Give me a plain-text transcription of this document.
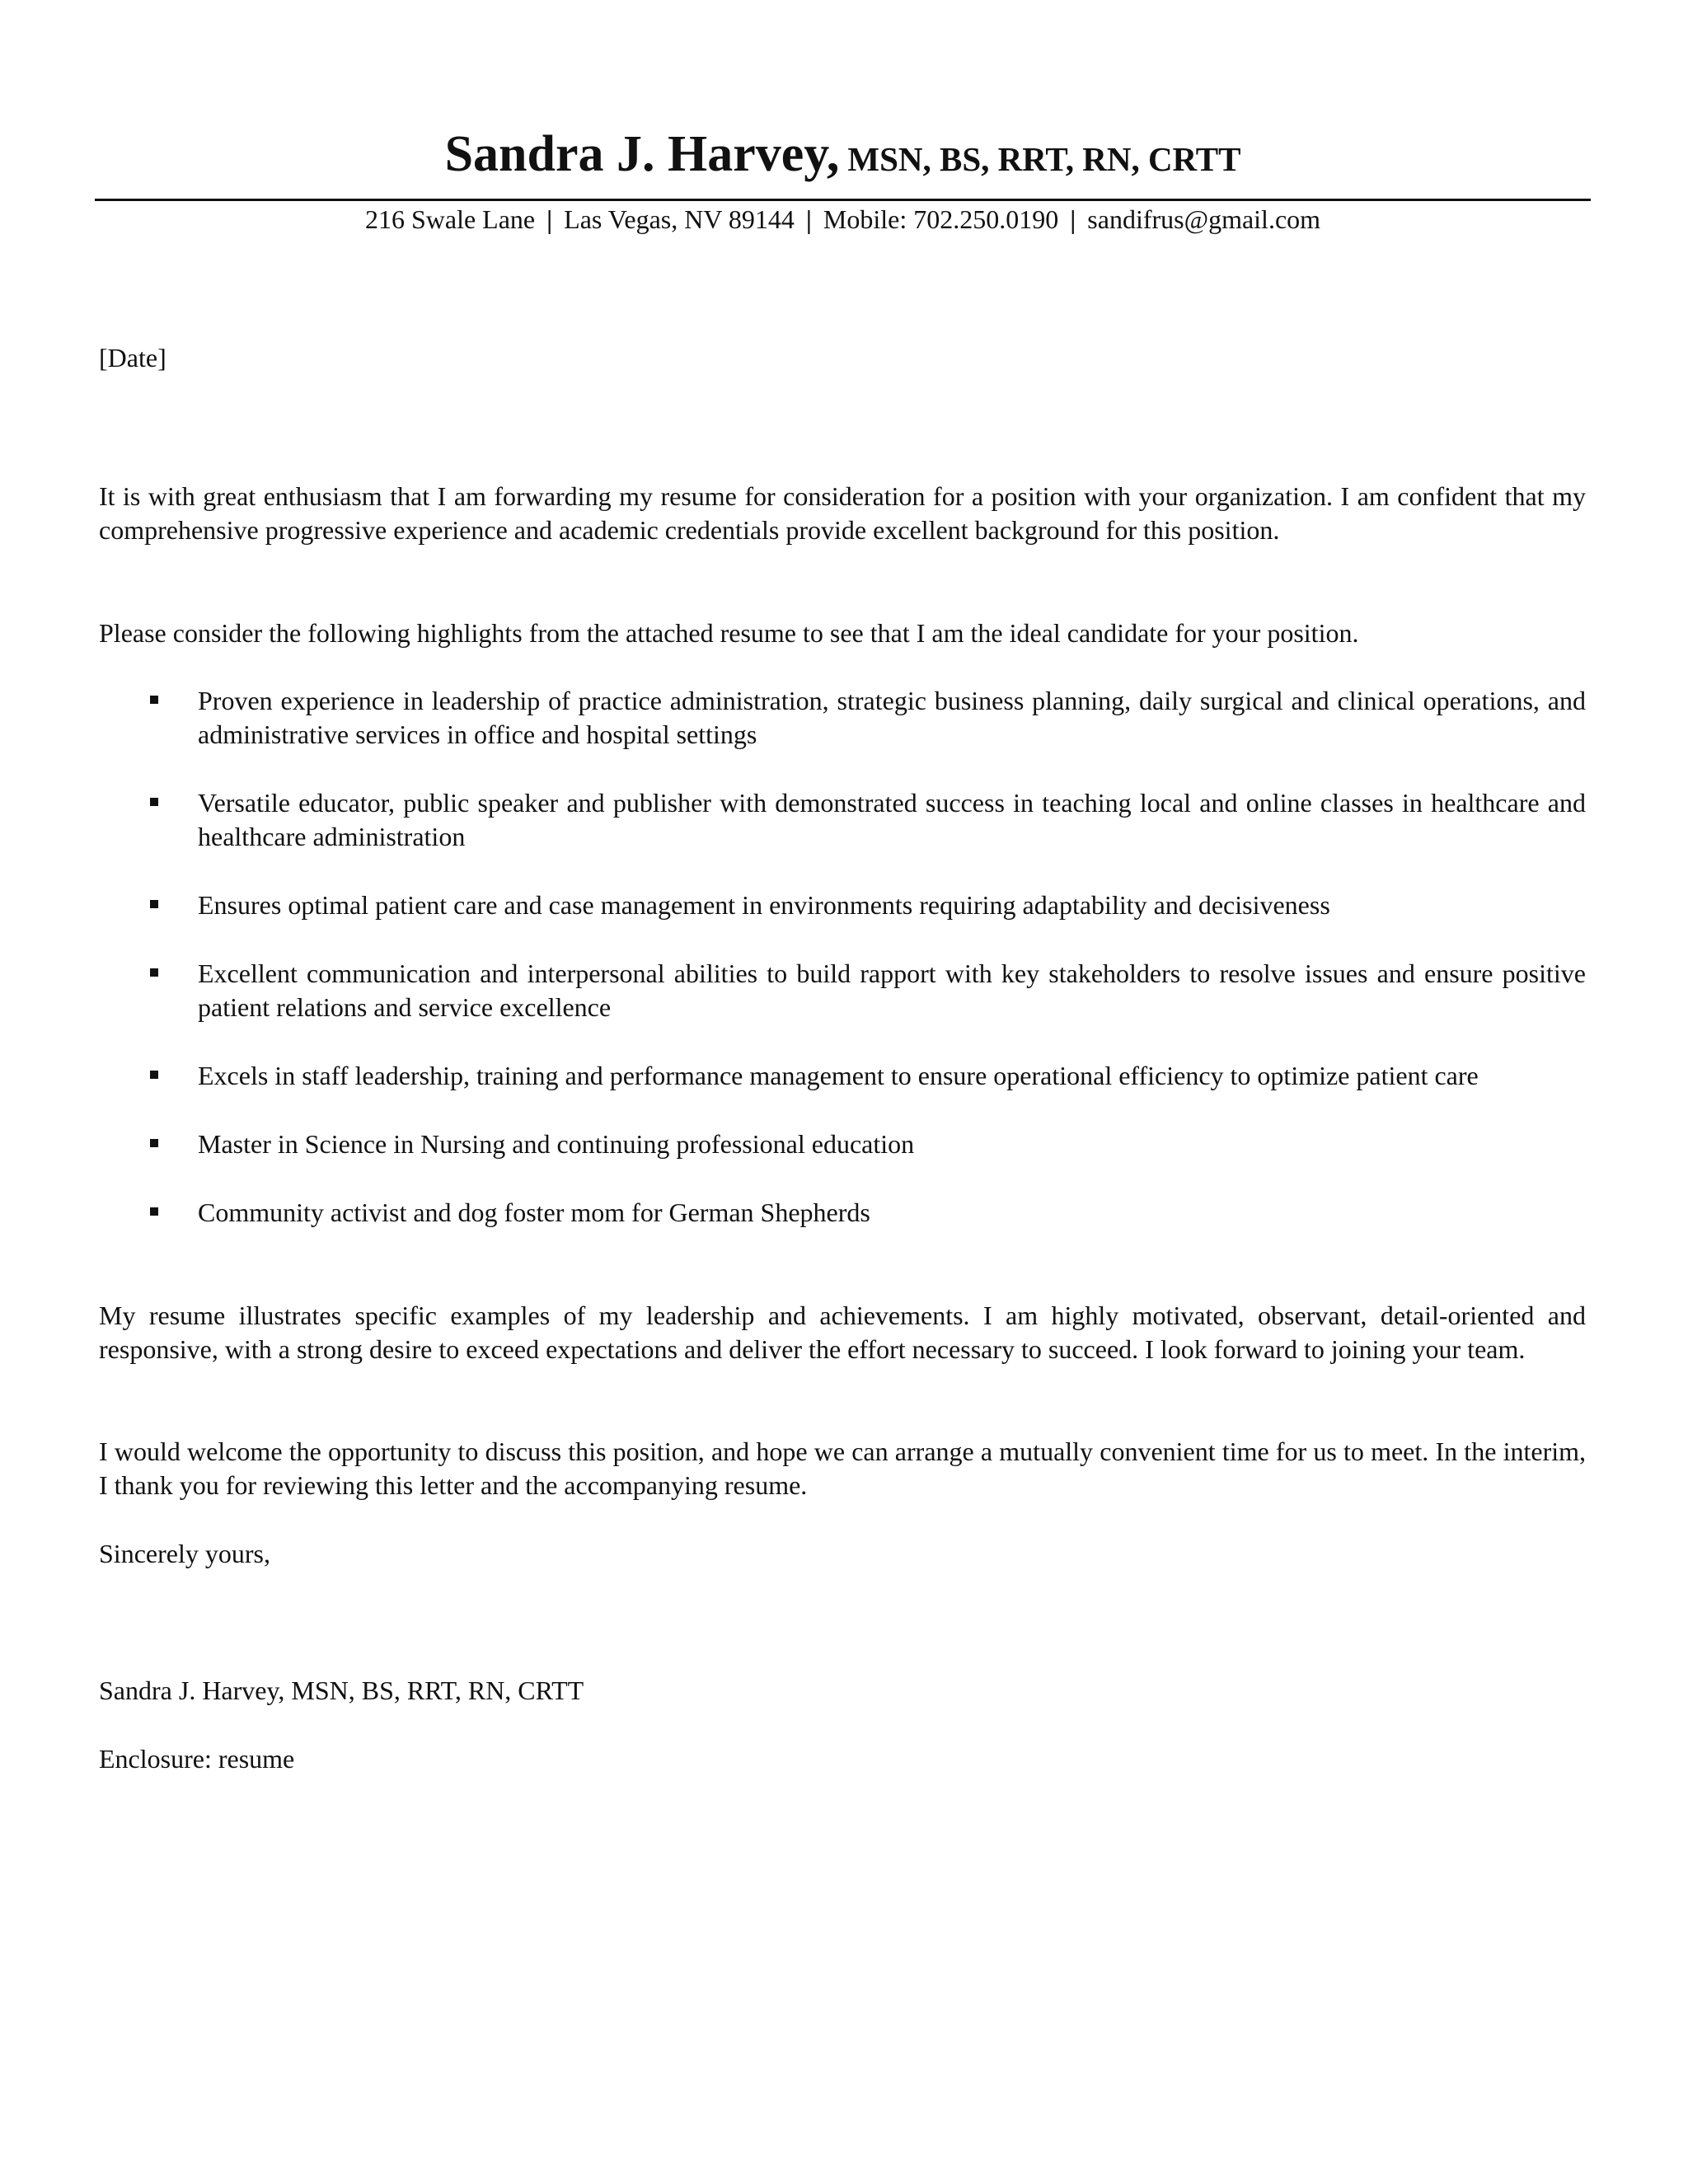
Sandra J. Harvey, MSN, BS, RRT, RN, CRTT
216 Swale Lane | Las Vegas, NV 89144 | Mobile: 702.250.0190 | sandifrus@gmail.com
[Date]
It is with great enthusiasm that I am forwarding my resume for consideration for a position with your organization. I am confident that my comprehensive progressive experience and academic credentials provide excellent background for this position.
Please consider the following highlights from the attached resume to see that I am the ideal candidate for your position.
Proven experience in leadership of practice administration, strategic business planning, daily surgical and clinical operations, and administrative services in office and hospital settings
Versatile educator, public speaker and publisher with demonstrated success in teaching local and online classes in healthcare and healthcare administration
Ensures optimal patient care and case management in environments requiring adaptability and decisiveness
Excellent communication and interpersonal abilities to build rapport with key stakeholders to resolve issues and ensure positive patient relations and service excellence
Excels in staff leadership, training and performance management to ensure operational efficiency to optimize patient care
Master in Science in Nursing and continuing professional education
Community activist and dog foster mom for German Shepherds
My resume illustrates specific examples of my leadership and achievements. I am highly motivated, observant, detail-oriented and responsive, with a strong desire to exceed expectations and deliver the effort necessary to succeed. I look forward to joining your team.
I would welcome the opportunity to discuss this position, and hope we can arrange a mutually convenient time for us to meet. In the interim, I thank you for reviewing this letter and the accompanying resume.
Sincerely yours,
Sandra J. Harvey, MSN, BS, RRT, RN, CRTT
Enclosure: resume
